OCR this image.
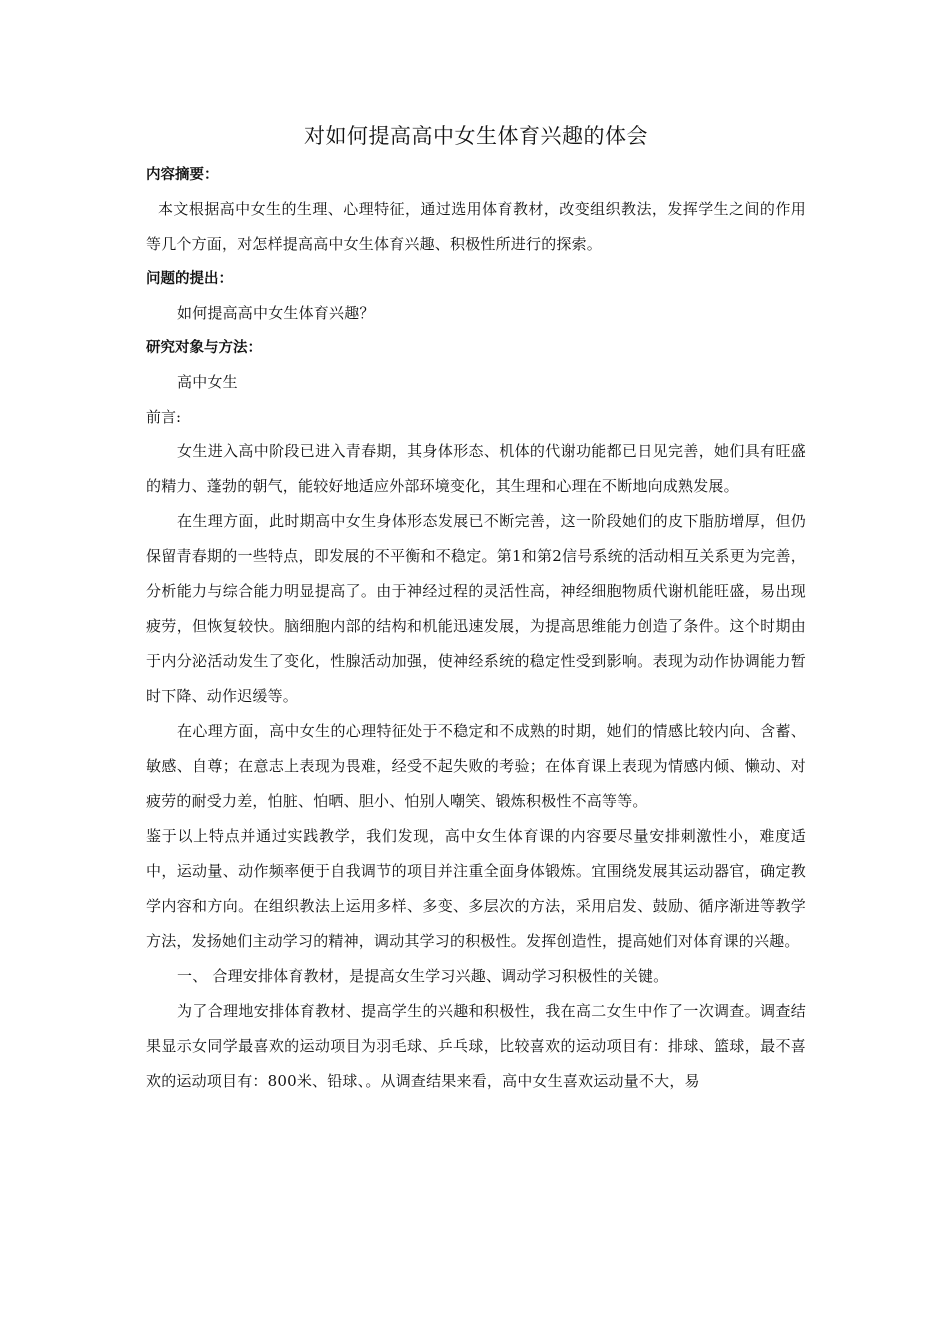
对如何提高高中女生体育兴趣的体会

内容摘要：

本文根据高中女生的生理、心理特征，通过选用体育教材，改变组织教法，发挥学生之间的作用等几个方面，对怎样提高高中女生体育兴趣、积极性所进行的探索。

问题的提出：

如何提高高中女生体育兴趣？

研究对象与方法：

高中女生

前言:

女生进入高中阶段已进入青春期，其身体形态、机体的代谢功能都已日见完善，她们具有旺盛的精力、蓬勃的朝气，能较好地适应外部环境变化，其生理和心理在不断地向成熟发展。

在生理方面，此时期高中女生身体形态发展已不断完善，这一阶段她们的皮下脂肪增厚，但仍保留青春期的一些特点，即发展的不平衡和不稳定。第1和第2信号系统的活动相互关系更为完善，分析能力与综合能力明显提高了。由于神经过程的灵活性高，神经细胞物质代谢机能旺盛，易出现疲劳，但恢复较快。脑细胞内部的结构和机能迅速发展，为提高思维能力创造了条件。这个时期由于内分泌活动发生了变化，性腺活动加强，使神经系统的稳定性受到影响。表现为动作协调能力暂时下降、动作迟缓等。

在心理方面，高中女生的心理特征处于不稳定和不成熟的时期，她们的情感比较内向、含蓄、敏感、自尊；在意志上表现为畏难，经受不起失败的考验；在体育课上表现为情感内倾、懒动、对疲劳的耐受力差，怕脏、怕晒、胆小、怕别人嘲笑、锻炼积极性不高等等。

鉴于以上特点并通过实践教学，我们发现，高中女生体育课的内容要尽量安排刺激性小，难度适中，运动量、动作频率便于自我调节的项目并注重全面身体锻炼。宜围绕发展其运动器官，确定教学内容和方向。在组织教法上运用多样、多变、多层次的方法，采用启发、鼓励、循序渐进等教学方法，发扬她们主动学习的精神，调动其学习的积极性。发挥创造性，提高她们对体育课的兴趣。

一、 合理安排体育教材，是提高女生学习兴趣、调动学习积极性的关键。

为了合理地安排体育教材、提高学生的兴趣和积极性，我在高二女生中作了一次调查。调查结果显示女同学最喜欢的运动项目为羽毛球、乒乓球，比较喜欢的运动项目有：排球、篮球，最不喜欢的运动项目有：800米、铅球、。从调查结果来看，高中女生喜欢运动量不大，易
